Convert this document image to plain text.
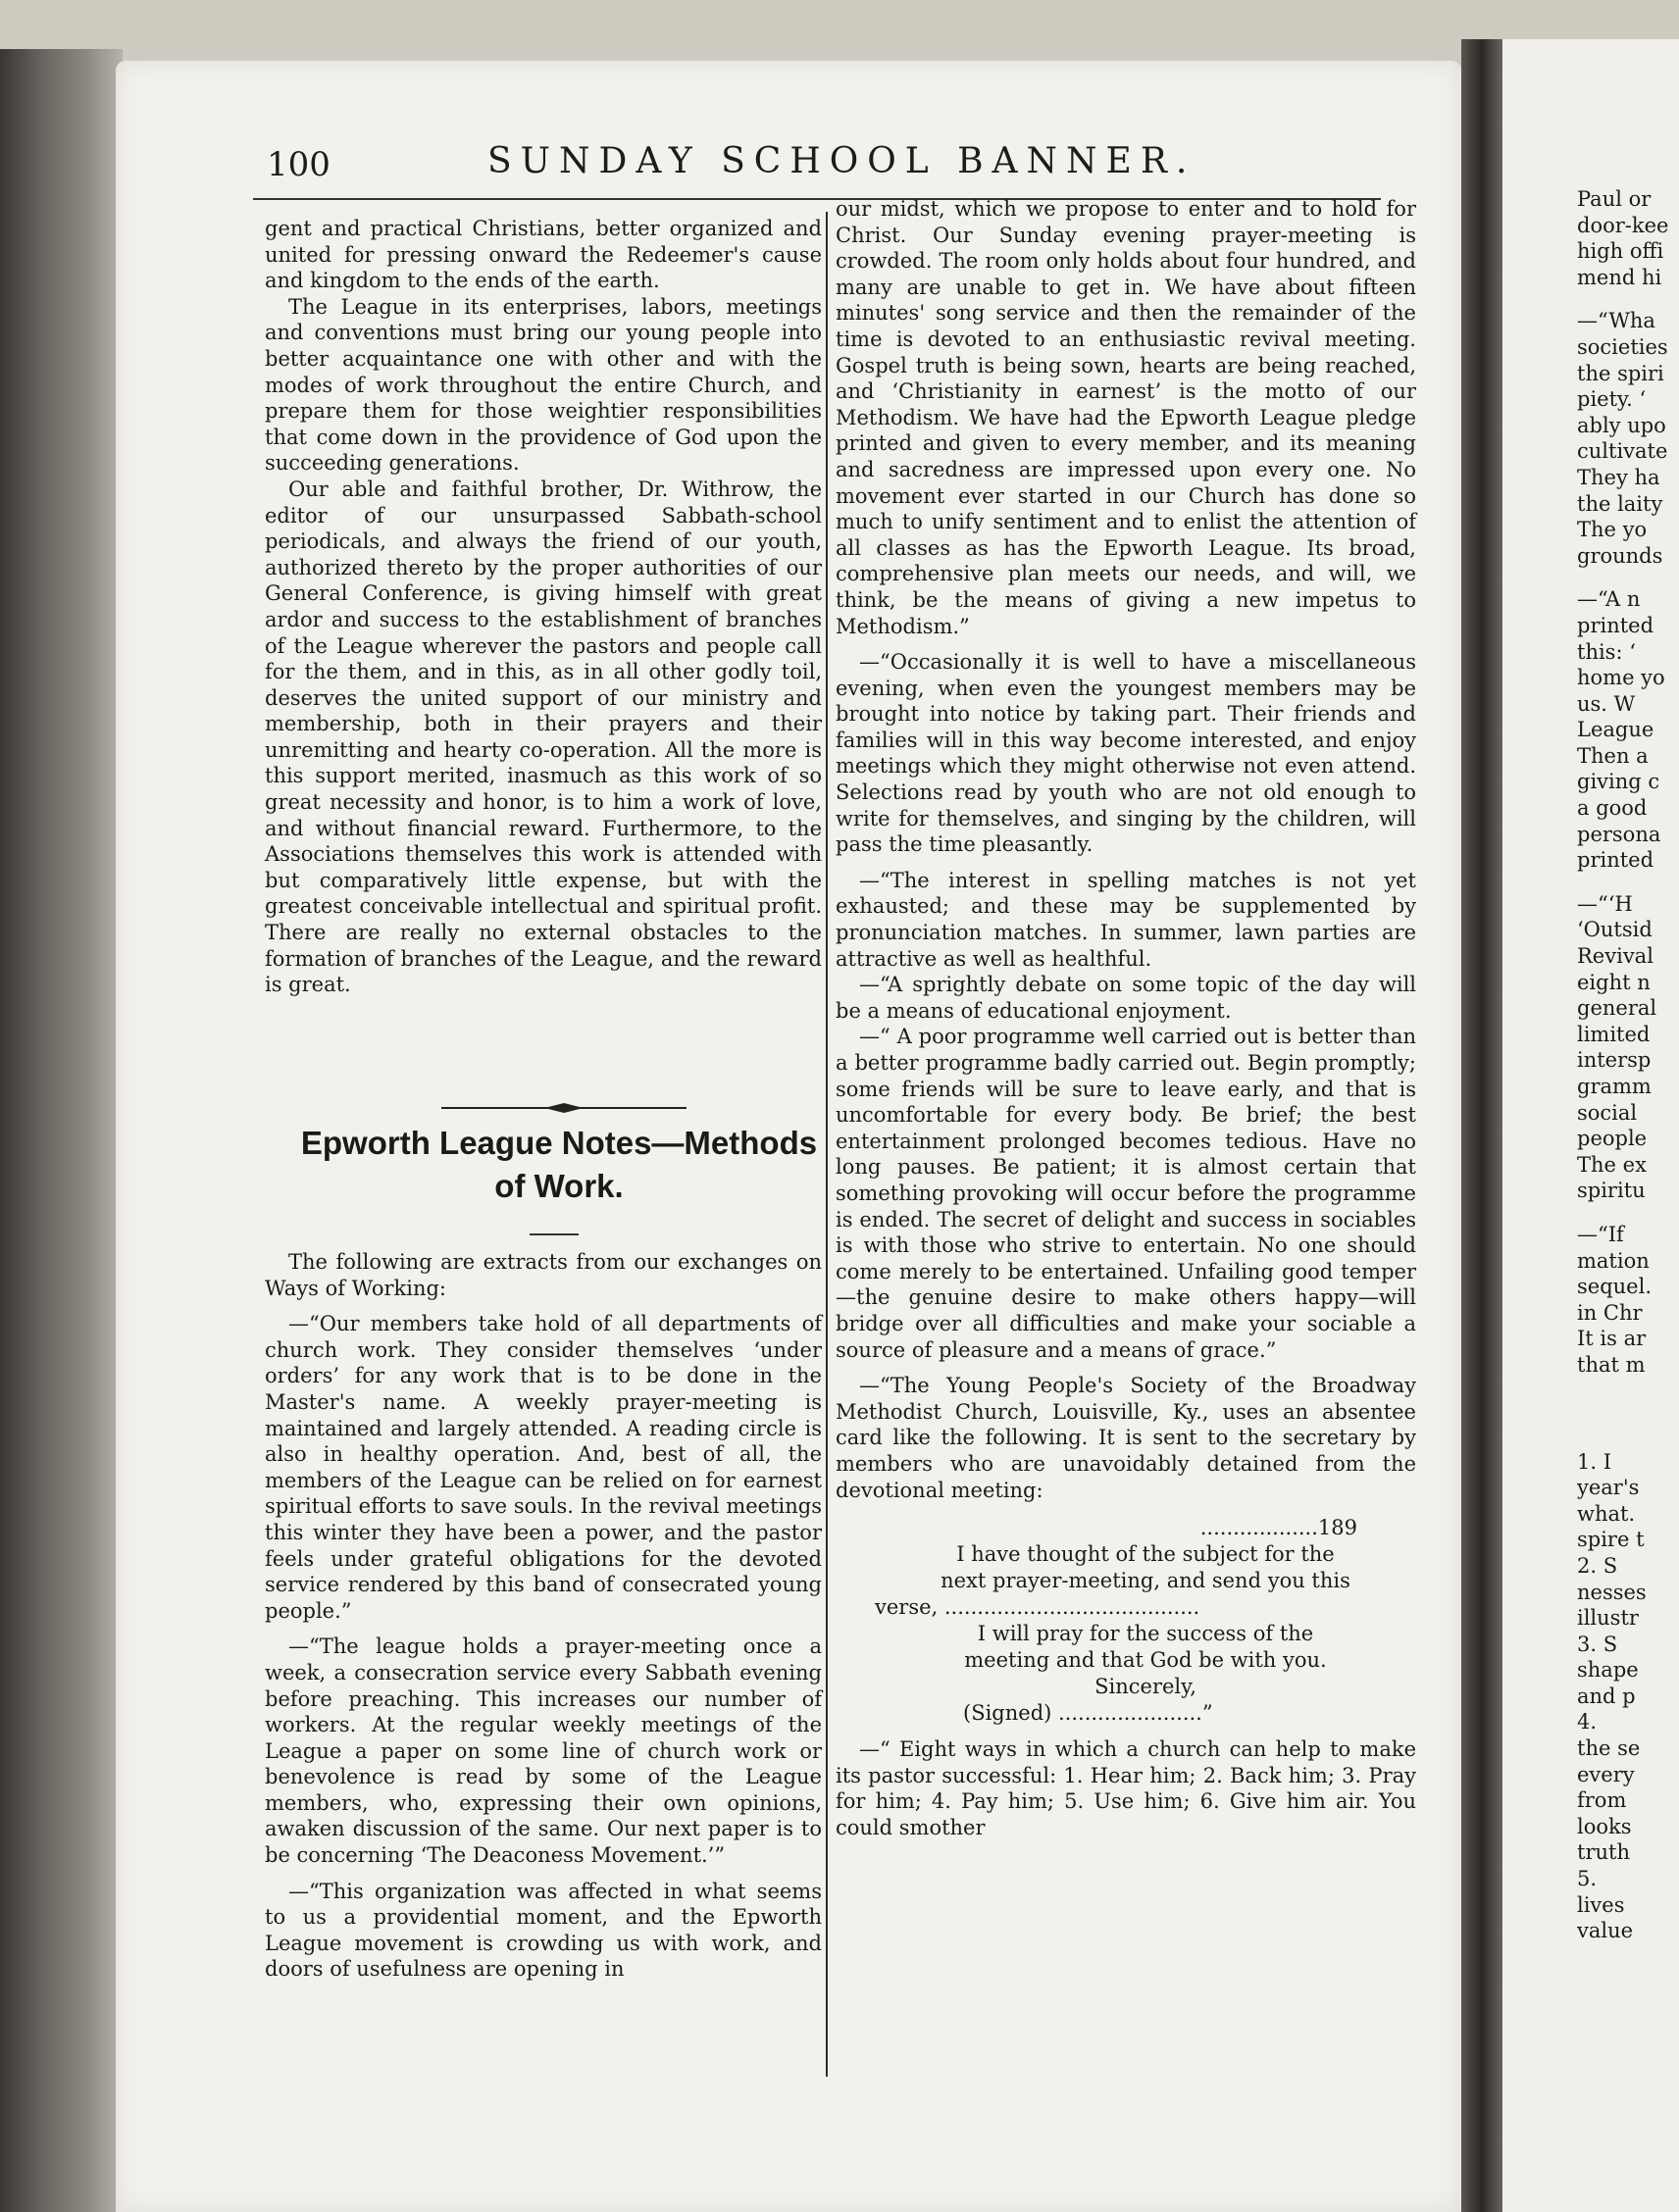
100	SUNDAY SCHOOL BANNER.

gent and practical Christians, better organized and united for pressing onward the Redeemer's cause and kingdom to the ends of the earth.

The League in its enterprises, labors, meetings and conventions must bring our young people into better acquaintance one with other and with the modes of work throughout the entire Church, and prepare them for those weightier responsibilities that come down in the providence of God upon the succeeding generations.

Our able and faithful brother, Dr. Withrow, the editor of our unsurpassed Sabbath-school periodicals, and always the friend of our youth, authorized thereto by the proper authorities of our General Conference, is giving himself with great ardor and success to the establishment of branches of the League wherever the pastors and people call for the them, and in this, as in all other godly toil, deserves the united support of our ministry and membership, both in their prayers and their unremitting and hearty co-operation. All the more is this support merited, inasmuch as this work of so great necessity and honor, is to him a work of love, and without financial reward. Furthermore, to the Associations themselves this work is attended with but comparatively little expense, but with the greatest conceivable intellectual and spiritual profit. There are really no external obstacles to the formation of branches of the League, and the reward is great.

Epworth League Notes—Methods
of Work.

The following are extracts from our exchanges on Ways of Working:

—“Our members take hold of all departments of church work. They consider themselves ‘under orders’ for any work that is to be done in the Master's name. A weekly prayer-meeting is maintained and largely attended. A reading circle is also in healthy operation. And, best of all, the members of the League can be relied on for earnest spiritual efforts to save souls. In the revival meetings this winter they have been a power, and the pastor feels under grateful obligations for the devoted service rendered by this band of consecrated young people.”

—“The league holds a prayer-meeting once a week, a consecration service every Sabbath evening before preaching. This increases our number of workers. At the regular weekly meetings of the League a paper on some line of church work or benevolence is read by some of the League members, who, expressing their own opinions, awaken discussion of the same. Our next paper is to be concerning ‘The Deaconess Movement.’”

—“This organization was affected in what seems to us a providential moment, and the Epworth League movement is crowding us with work, and doors of usefulness are opening in

our midst, which we propose to enter and to hold for Christ. Our Sunday evening prayer-meeting is crowded. The room only holds about four hundred, and many are unable to get in. We have about fifteen minutes' song service and then the remainder of the time is devoted to an enthusiastic revival meeting. Gospel truth is being sown, hearts are being reached, and ‘Christianity in earnest’ is the motto of our Methodism. We have had the Epworth League pledge printed and given to every member, and its meaning and sacredness are impressed upon every one. No movement ever started in our Church has done so much to unify sentiment and to enlist the attention of all classes as has the Epworth League. Its broad, comprehensive plan meets our needs, and will, we think, be the means of giving a new impetus to Methodism.”

—“Occasionally it is well to have a miscellaneous evening, when even the youngest members may be brought into notice by taking part. Their friends and families will in this way become interested, and enjoy meetings which they might otherwise not even attend. Selections read by youth who are not old enough to write for themselves, and singing by the children, will pass the time pleasantly.

—“The interest in spelling matches is not yet exhausted; and these may be supplemented by pronunciation matches. In summer, lawn parties are attractive as well as healthful.

—“A sprightly debate on some topic of the day will be a means of educational enjoyment.

—“ A poor programme well carried out is better than a better programme badly carried out. Begin promptly; some friends will be sure to leave early, and that is uncomfortable for every body. Be brief; the best entertainment prolonged becomes tedious. Have no long pauses. Be patient; it is almost certain that something provoking will occur before the programme is ended. The secret of delight and success in sociables is with those who strive to entertain. No one should come merely to be entertained. Unfailing good temper—the genuine desire to make others happy—will bridge over all difficulties and make your sociable a source of pleasure and a means of grace.”

—“The Young People's Society of the Broadway Methodist Church, Louisville, Ky., uses an absentee card like the following. It is sent to the secretary by members who are unavoidably detained from the devotional meeting:

..................189
I have thought of the subject for the
next prayer-meeting, and send you this
verse, .......................................
I will pray for the success of the
meeting and that God be with you.
Sincerely,
(Signed) ......................”

—“ Eight ways in which a church can help to make its pastor successful: 1. Hear him; 2. Back him; 3. Pray for him; 4. Pay him; 5. Use him; 6. Give him air. You could smother

Paul or
door-kee
high offi
mend hi
—“Wha
societies
the spiri
piety. ‘
ably upo
cultivate
They ha
the laity
The yo
grounds
—“A n
printed
this: ‘
home yo
us. W
League
Then a
giving c
a good
persona
printed
—“‘H
‘Outsid
Revival
eight n
general
limited
intersp
gramm
social
people
The ex
spiritu
—“If
mation
sequel.
in Chr
It is ar
that m
1. I
year's
what.
spire t
2. S
nesses
illustr
3. S
shape
and p
4.
the se
every
from
looks
truth
5.
lives
value
